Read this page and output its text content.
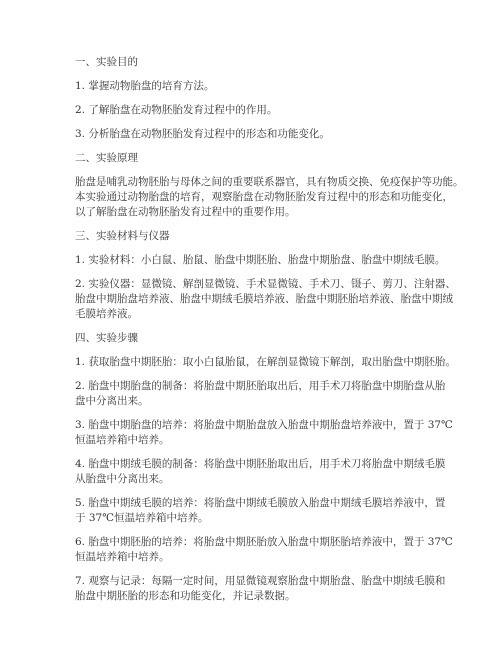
一、实验目的
1. 掌握动物胎盘的培育方法。
2. 了解胎盘在动物胚胎发育过程中的作用。
3. 分析胎盘在动物胚胎发育过程中的形态和功能变化。
二、实验原理
胎盘是哺乳动物胚胎与母体之间的重要联系器官，具有物质交换、免疫保护等功能。
本实验通过动物胎盘的培育，观察胎盘在动物胚胎发育过程中的形态和功能变化，
以了解胎盘在动物胚胎发育过程中的重要作用。
三、实验材料与仪器
1. 实验材料：小白鼠、胎鼠、胎盘中期胚胎、胎盘中期胎盘、胎盘中期绒毛膜。
2. 实验仪器：显微镜、解剖显微镜、手术显微镜、手术刀、镊子、剪刀、注射器、
胎盘中期胎盘培养液、胎盘中期绒毛膜培养液、胎盘中期胚胎培养液、胎盘中期绒
毛膜培养液。
四、实验步骤
1. 获取胎盘中期胚胎：取小白鼠胎鼠，在解剖显微镜下解剖，取出胎盘中期胚胎。
2. 胎盘中期胎盘的制备：将胎盘中期胚胎取出后，用手术刀将胎盘中期胎盘从胎
盘中分离出来。
3. 胎盘中期胎盘的培养：将胎盘中期胎盘放入胎盘中期胎盘培养液中，置于 37℃
恒温培养箱中培养。
4. 胎盘中期绒毛膜的制备：将胎盘中期胚胎取出后，用手术刀将胎盘中期绒毛膜
从胎盘中分离出来。
5. 胎盘中期绒毛膜的培养：将胎盘中期绒毛膜放入胎盘中期绒毛膜培养液中，置
于 37℃恒温培养箱中培养。
6. 胎盘中期胚胎的培养：将胎盘中期胚胎放入胎盘中期胚胎培养液中，置于 37℃
恒温培养箱中培养。
7. 观察与记录：每隔一定时间，用显微镜观察胎盘中期胎盘、胎盘中期绒毛膜和
胎盘中期胚胎的形态和功能变化，并记录数据。
